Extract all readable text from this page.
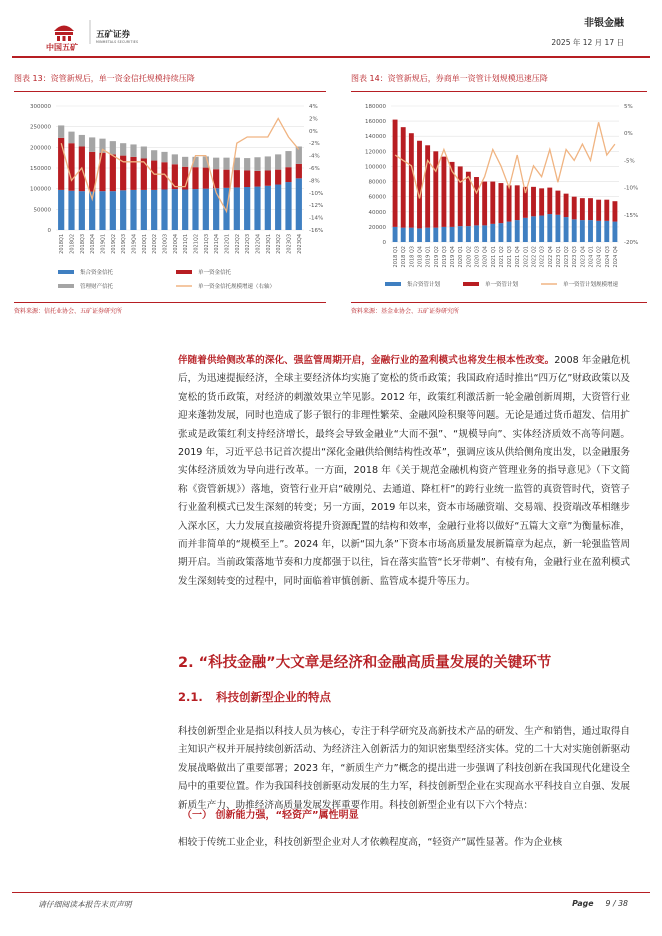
中国五矿
五矿证券
MINMETALS SECURITIES
非银金融
2025 年 12 月 17 日
图表 13：资管新规后，单一资金信托规模持续压降
0
50000
100000
150000
200000
250000
300000	4%
2%
0%
-2%
-4%
-6%
-8%
-10%
-12%
-14%
-16%
2018Q1 2018Q2 2018Q3 2018Q4 2019Q1 2019Q2 2019Q3 2019Q4 2020Q1 2020Q2 2020Q3 2020Q4 2021Q1 2021Q2 2021Q3 2021Q4 2022Q1 2022Q2 2022Q3 2022Q4 2023Q1 2023Q2 2023Q3 2023Q4
集合资金信托	单一资金信托
管理财产信托	单一资金信托规模增速（右轴）
资料来源：信托业协会、五矿证券研究所
图表 14：资管新规后，券商单一资管计划规模迅速压降
0
20000
40000
60000
80000
100000
120000
140000
160000
180000	5%
0%
-5%
-10%
-15%
-20%
2018 Q1 2018 Q2 2018 Q3 2018 Q4 2019 Q1 2019 Q2 2019 Q3 2019 Q4 2020 Q1 2020 Q2 2020 Q3 2020 Q4 2021 Q1 2021 Q2 2021 Q3 2021 Q4 2022 Q1 2022 Q2 2022 Q3 2022 Q4 2023 Q1 2023 Q2 2023 Q3 2023 Q4 2024 Q1 2024 Q2 2024 Q3 2024 Q4
集合资管计划	单一资管计划	单一资管计划规模增速
资料来源：基金业协会、五矿证券研究所
伴随着供给侧改革的深化、强监管周期开启，金融行业的盈利模式也将发生根本性改变。2008 年金融危机后，为迅速提振经济，全球主要经济体均实施了宽松的货币政策；我国政府适时推出“四万亿”财政政策以及宽松的货币政策，对经济的刺激效果立竿见影。2012 年，政策红利激活新一轮金融创新周期，大资管行业迎来蓬勃发展，同时也造成了影子银行的非理性繁荣、金融风险积聚等问题。无论是通过货币超发、信用扩张或是政策红利支持经济增长，最终会导致金融业“大而不强”、“规模导向”、实体经济质效不高等问题。2019 年，习近平总书记首次提出“深化金融供给侧结构性改革”，强调应该从供给侧角度出发，以金融服务实体经济质效为导向进行改革。一方面，2018 年《关于规范金融机构资产管理业务的指导意见》（下文简称《资管新规》）落地，资管行业开启“破刚兑、去通道、降杠杆”的跨行业统一监管的真资管时代，资管子行业盈利模式已发生深刻的转变；另一方面，2019 年以来，资本市场融资端、交易端、投资端改革相继步入深水区，大力发展直接融资将提升资源配置的结构和效率，金融行业将以做好“五篇大文章”为衡量标准，而并非简单的“规模至上”。2024 年，以新“国九条”下资本市场高质量发展新篇章为起点，新一轮强监管周期开启。当前政策落地节奏和力度都强于以往，旨在落实监管“长牙带刺”、有棱有角，金融行业在盈利模式发生深刻转变的过程中，同时面临着审慎创新、监管成本提升等压力。
2. “科技金融”大文章是经济和金融高质量发展的关键环节
2.1. 科技创新型企业的特点
科技创新型企业是指以科技人员为核心，专注于科学研究及高新技术产品的研发、生产和销售，通过取得自主知识产权并开展持续创新活动、为经济注入创新活力的知识密集型经济实体。党的二十大对实施创新驱动发展战略做出了重要部署；2023 年，“新质生产力”概念的提出进一步强调了科技创新在我国现代化建设全局中的重要位置。作为我国科技创新驱动发展的生力军，科技创新型企业在实现高水平科技自立自强、发展新质生产力、助推经济高质量发展发挥重要作用。科技创新型企业有以下六个特点：
（一） 创新能力强，“轻资产”属性明显
相较于传统工业企业，科技创新型企业对人才依赖程度高，“轻资产”属性显著。作为企业核
请仔细阅读本报告末页声明	Page 9 / 38
